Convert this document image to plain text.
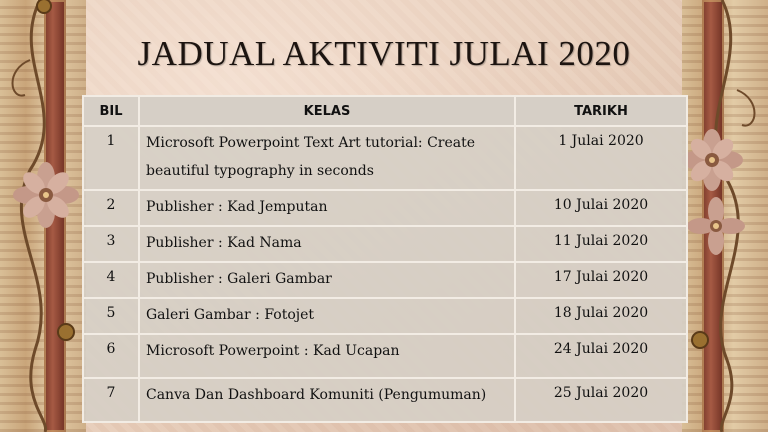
JADUAL AKTIVITI JULAI 2020
BIL	KELAS	TARIKH
1	Microsoft Powerpoint Text Art tutorial: Create beautiful typography in seconds	1 Julai 2020
2	Publisher : Kad Jemputan	10 Julai 2020
3	Publisher : Kad Nama	11 Julai 2020
4	Publisher : Galeri Gambar	17 Julai 2020
5	Galeri Gambar : Fotojet	18 Julai 2020
6	Microsoft Powerpoint : Kad Ucapan	24 Julai 2020
7	Canva Dan Dashboard Komuniti (Pengumuman)	25 Julai 2020
